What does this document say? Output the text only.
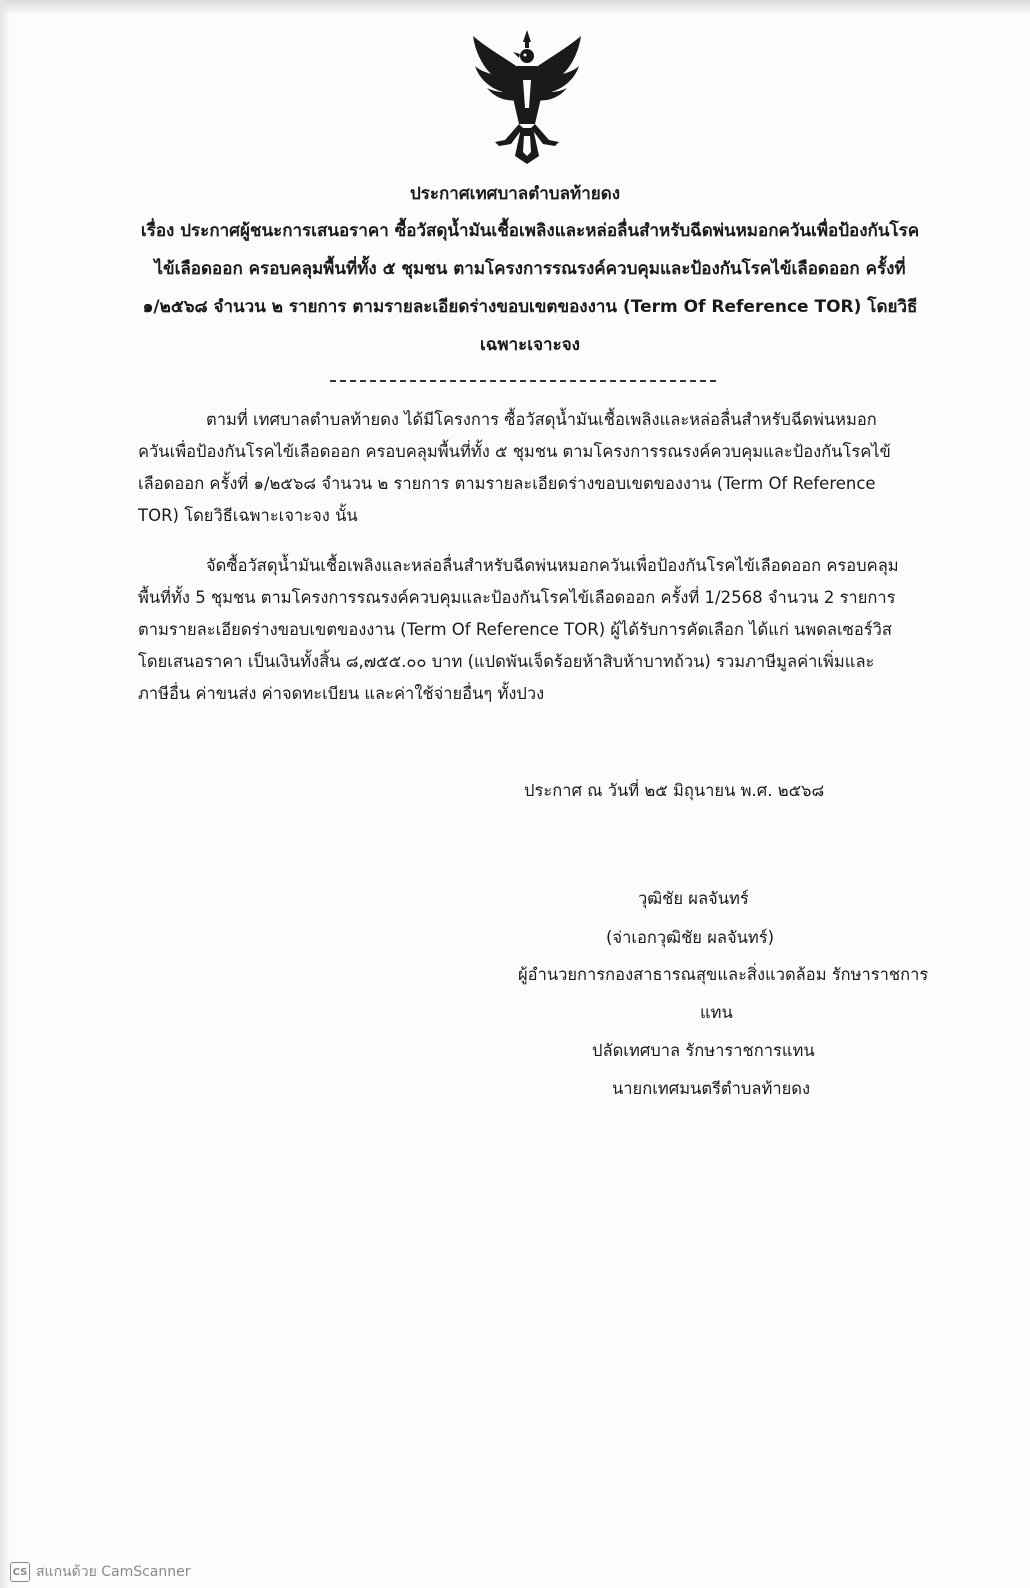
ประกาศเทศบาลตำบลท้ายดง

เรื่อง ประกาศผู้ชนะการเสนอราคา ซื้อวัสดุน้ำมันเชื้อเพลิงและหล่อลื่นสำหรับฉีดพ่นหมอกควันเพื่อป้องกันโรคไข้เลือดออก ครอบคลุมพื้นที่ทั้ง ๕ ชุมชน ตามโครงการรณรงค์ควบคุมและป้องกันโรคไข้เลือดออก ครั้งที่ ๑/๒๕๖๘ จำนวน ๒ รายการ ตามรายละเอียดร่างขอบเขตของงาน (Term Of Reference TOR) โดยวิธีเฉพาะเจาะจง

ตามที่ เทศบาลตำบลท้ายดง ได้มีโครงการ ซื้อวัสดุน้ำมันเชื้อเพลิงและหล่อลื่นสำหรับฉีดพ่นหมอกควันเพื่อป้องกันโรคไข้เลือดออก ครอบคลุมพื้นที่ทั้ง ๕ ชุมชน ตามโครงการรณรงค์ควบคุมและป้องกันโรคไข้เลือดออก ครั้งที่ ๑/๒๕๖๘ จำนวน ๒ รายการ ตามรายละเอียดร่างขอบเขตของงาน (Term Of Reference TOR) โดยวิธีเฉพาะเจาะจง นั้น

จัดซื้อวัสดุน้ำมันเชื้อเพลิงและหล่อลื่นสำหรับฉีดพ่นหมอกควันเพื่อป้องกันโรคไข้เลือดออก ครอบคลุมพื้นที่ทั้ง 5 ชุมชน ตามโครงการรณรงค์ควบคุมและป้องกันโรคไข้เลือดออก ครั้งที่ 1/2568 จำนวน 2 รายการ ตามรายละเอียดร่างขอบเขตของงาน (Term Of Reference TOR) ผู้ได้รับการคัดเลือก ได้แก่ นพดลเซอร์วิส โดยเสนอราคา เป็นเงินทั้งสิ้น ๘,๗๕๕.๐๐ บาท (แปดพันเจ็ดร้อยห้าสิบห้าบาทถ้วน) รวมภาษีมูลค่าเพิ่มและภาษีอื่น ค่าขนส่ง ค่าจดทะเบียน และค่าใช้จ่ายอื่นๆ ทั้งปวง

ประกาศ ณ วันที่ ๒๕ มิถุนายน พ.ศ. ๒๕๖๘
วุฒิชัย ผลจันทร์
(จ่าเอกวุฒิชัย ผลจันทร์)
ผู้อำนวยการกองสาธารณสุขและสิ่งแวดล้อม รักษาราชการ
แทน
ปลัดเทศบาล รักษาราชการแทน
นายกเทศมนตรีตำบลท้ายดง
CS สแกนด้วย CamScanner
